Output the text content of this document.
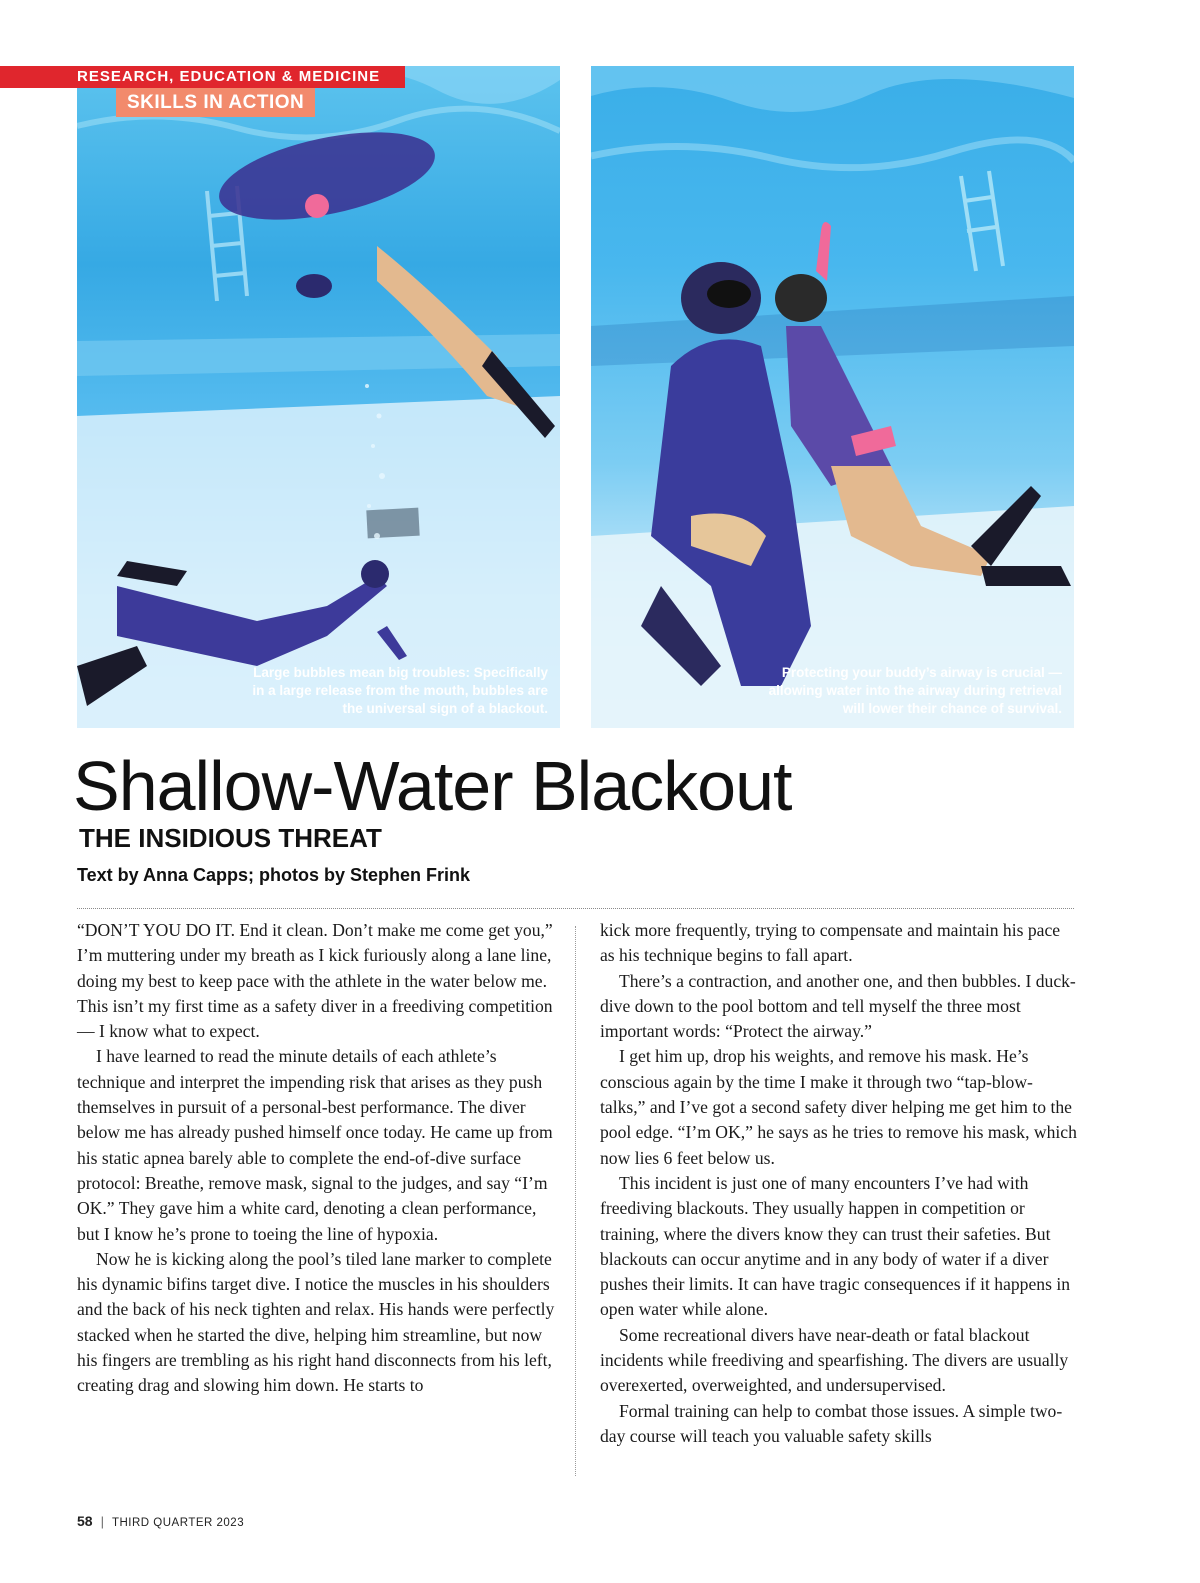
Large bubbles mean big troubles: Specifically in a large release from the mouth, bubbles are the universal sign of a blackout.
Protecting your buddy’s airway is crucial — allowing water into the airway during retrieval will lower their chance of survival.
RESEARCH, EDUCATION & MEDICINE
SKILLS IN ACTION
Shallow-Water Blackout
THE INSIDIOUS THREAT
Text by Anna Capps; photos by Stephen Frink

“DON’T YOU DO IT. End it clean. Don’t make me come get you,” I’m muttering under my breath as I kick furiously along a lane line, doing my best to keep pace with the athlete in the water below me. This isn’t my first time as a safety diver in a freediving competition — I know what to expect.

I have learned to read the minute details of each athlete’s technique and interpret the impending risk that arises as they push themselves in pursuit of a personal-best performance. The diver below me has already pushed himself once today. He came up from his static apnea barely able to complete the end-of-dive surface protocol: Breathe, remove mask, signal to the judges, and say “I’m OK.” They gave him a white card, denoting a clean performance, but I know he’s prone to toeing the line of hypoxia.

Now he is kicking along the pool’s tiled lane marker to complete his dynamic bifins target dive. I notice the muscles in his shoulders and the back of his neck tighten and relax. His hands were perfectly stacked when he started the dive, helping him streamline, but now his fingers are trembling as his right hand disconnects from his left, creating drag and slowing him down. He starts to

kick more frequently, trying to compensate and maintain his pace as his technique begins to fall apart.

There’s a contraction, and another one, and then bubbles. I duck-dive down to the pool bottom and tell myself the three most important words: “Protect the airway.”

I get him up, drop his weights, and remove his mask. He’s conscious again by the time I make it through two “tap-blow-talks,” and I’ve got a second safety diver helping me get him to the pool edge. “I’m OK,” he says as he tries to remove his mask, which now lies 6 feet below us.

This incident is just one of many encounters I’ve had with freediving blackouts. They usually happen in competition or training, where the divers know they can trust their safeties. But blackouts can occur anytime and in any body of water if a diver pushes their limits. It can have tragic consequences if it happens in open water while alone.

Some recreational divers have near-death or fatal blackout incidents while freediving and spearfishing. The divers are usually overexerted, overweighted, and undersupervised.

Formal training can help to combat those issues. A simple two-day course will teach you valuable safety skills

58 | THIRD QUARTER 2023
